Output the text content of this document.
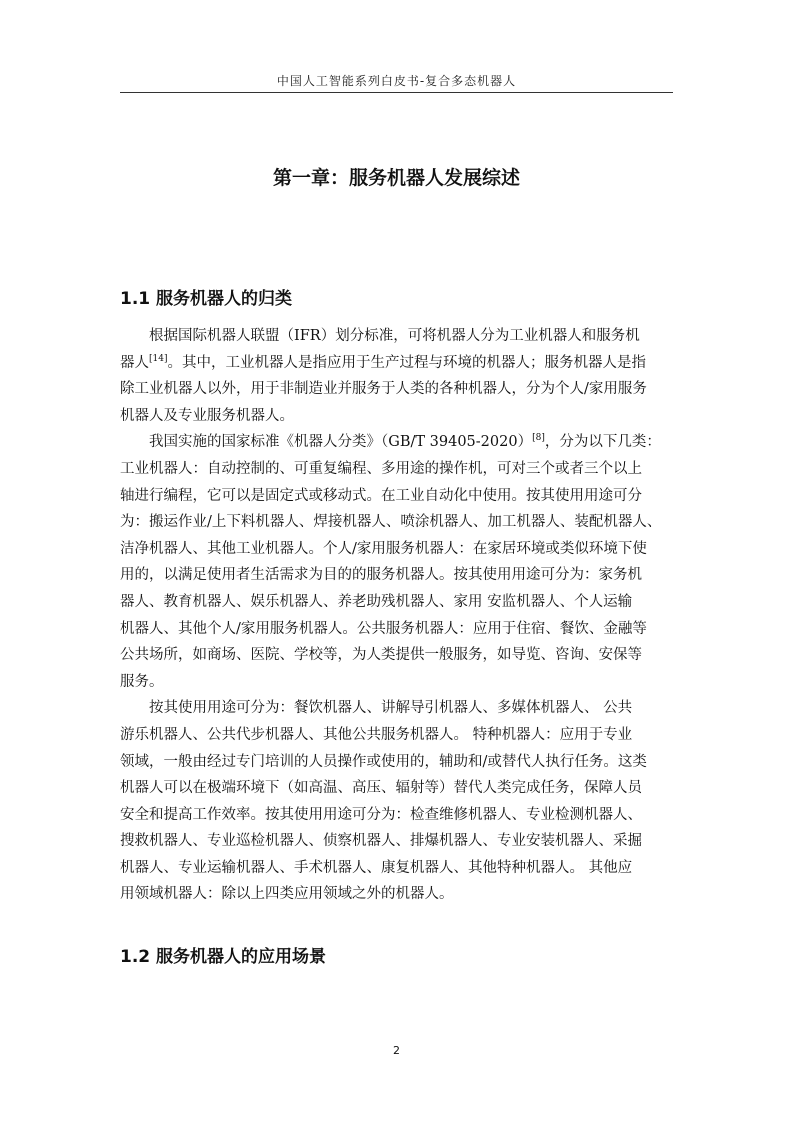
中国人工智能系列白皮书-复合多态机器人
第一章：服务机器人发展综述
1.1 服务机器人的归类

根据国际机器人联盟（IFR）划分标准，可将机器人分为工业机器人和服务机
器人[14]。其中，工业机器人是指应用于生产过程与环境的机器人；服务机器人是指
除工业机器人以外，用于非制造业并服务于人类的各种机器人，分为个人/家用服务
机器人及专业服务机器人。

我国实施的国家标准《机器人分类》（GB/T 39405-2020）[8]，分为以下几类：
工业机器人：自动控制的、可重复编程、多用途的操作机，可对三个或者三个以上
轴进行编程，它可以是固定式或移动式。在工业自动化中使用。按其使用用途可分
为：搬运作业/上下料机器人、焊接机器人、喷涂机器人、加工机器人、装配机器人、
洁净机器人、其他工业机器人。个人/家用服务机器人：在家居环境或类似环境下使
用的，以满足使用者生活需求为目的的服务机器人。按其使用用途可分为：家务机
器人、教育机器人、娱乐机器人、养老助残机器人、家用 安监机器人、个人运输
机器人、其他个人/家用服务机器人。公共服务机器人：应用于住宿、餐饮、金融等
公共场所，如商场、医院、学校等，为人类提供一般服务，如导览、咨询、安保等
服务。

按其使用用途可分为：餐饮机器人、讲解导引机器人、多媒体机器人、 公共
游乐机器人、公共代步机器人、其他公共服务机器人。 特种机器人：应用于专业
领域，一般由经过专门培训的人员操作或使用的，辅助和/或替代人执行任务。这类
机器人可以在极端环境下（如高温、高压、辐射等）替代人类完成任务，保障人员
安全和提高工作效率。按其使用用途可分为：检查维修机器人、专业检测机器人、
搜救机器人、专业巡检机器人、侦察机器人、排爆机器人、专业安装机器人、采掘
机器人、专业运输机器人、手术机器人、康复机器人、其他特种机器人。 其他应
用领域机器人：除以上四类应用领域之外的机器人。

1.2 服务机器人的应用场景
2
